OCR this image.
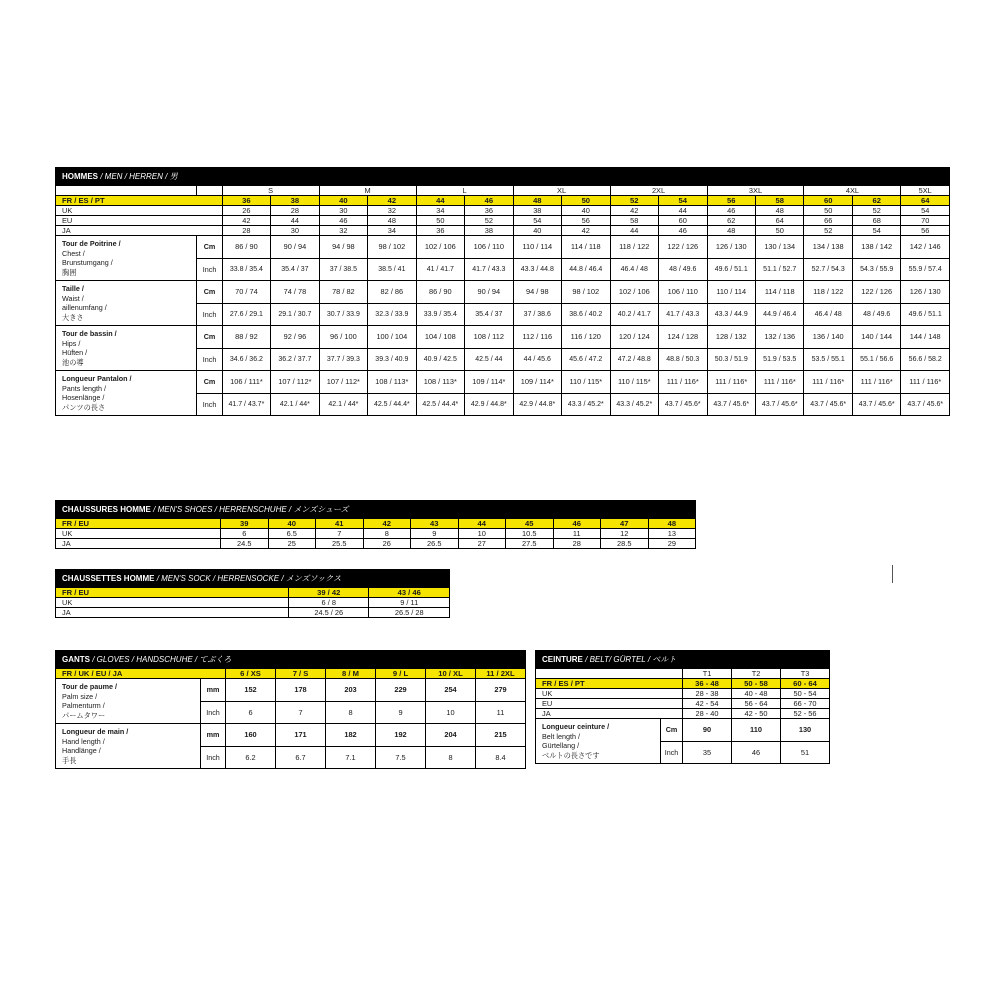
HOMMES / MEN / HERREN / 男																
		S		M		L		XL		2XL		3XL		4XL		5XL
FR / ES / PT		36	38	40	42	44	46	48	50	52	54	56	58	60	62	64
UK		26	28	30	32	34	36	38	40	42	44	46	48	50	52	54
EU		42	44	46	48	50	52	54	56	58	60	62	64	66	68	70
JA		28	30	32	34	36	38	40	42	44	46	48	50	52	54	56
Tour de Poitrine /
Chest /
Brunstumgang /
胸囲	Cm	86 / 90	90 / 94	94 / 98	98 / 102	102 / 106	106 / 110	110 / 114	114 / 118	118 / 122	122 / 126	126 / 130	130 / 134	134 / 138	138 / 142	142 / 146
	Inch	33.8 / 35.4	35.4 / 37	37 / 38.5	38.5 / 41	41 / 41.7	41.7 / 43.3	43.3 / 44.8	44.8 / 46.4	46.4 / 48	48 / 49.6	49.6 / 51.1	51.1 / 52.7	52.7 / 54.3	54.3 / 55.9	55.9 / 57.4
Taille /
Waist /
aillenumfang /
大きさ	Cm	70 / 74	74 / 78	78 / 82	82 / 86	86 / 90	90 / 94	94 / 98	98 / 102	102 / 106	106 / 110	110 / 114	114 / 118	118 / 122	122 / 126	126 / 130
	Inch	27.6 / 29.1	29.1 / 30.7	30.7 / 33.9	32.3 / 33.9	33.9 / 35.4	35.4 / 37	37 / 38.6	38.6 / 40.2	40.2 / 41.7	41.7 / 43.3	43.3 / 44.9	44.9 / 46.4	46.4 / 48	48 / 49.6	49.6 / 51.1
Tour de bassin /
Hips /
Hüften /
池の導	Cm	88 / 92	92 / 96	96 / 100	100 / 104	104 / 108	108 / 112	112 / 116	116 / 120	120 / 124	124 / 128	128 / 132	132 / 136	136 / 140	140 / 144	144 / 148
	Inch	34.6 / 36.2	36.2 / 37.7	37.7 / 39.3	39.3 / 40.9	40.9 / 42.5	42.5 / 44	44 / 45.6	45.6 / 47.2	47.2 / 48.8	48.8 / 50.3	50.3 / 51.9	51.9 / 53.5	53.5 / 55.1	55.1 / 56.6	56.6 / 58.2
Longueur Pantalon /
Pants length /
Hosenlänge /
パンツの長さ	Cm	106 / 111*	107 / 112*	107 / 112*	108 / 113*	108 / 113*	109 / 114*	109 / 114*	110 / 115*	110 / 115*	111 / 116*	111 / 116*	111 / 116*	111 / 116*	111 / 116*	111 / 116*
	Inch	41.7 / 43.7*	42.1 / 44*	42.1 / 44*	42.5 / 44.4*	42.5 / 44.4*	42.9 / 44.8*	42.9 / 44.8*	43.3 / 45.2*	43.3 / 45.2*	43.7 / 45.6*	43.7 / 45.6*	43.7 / 45.6*	43.7 / 45.6*	43.7 / 45.6*	43.7 / 45.6*
CHAUSSURES HOMME / MEN'S SHOES / HERRENSCHUHE / メンズシューズ										
FR / EU	39	40	41	42	43	44	45	46	47	48
UK	6	6.5	7	8	9	10	10.5	11	12	13
JA	24.5	25	25.5	26	26.5	27	27.5	28	28.5	29
CHAUSSETTES HOMME / MEN'S SOCK / HERRENSOCKE / メンズソックス		
FR / EU	39 / 42	43 / 46
UK	6 / 8	9 / 11
JA	24.5 / 26	26.5 / 28
GANTS / GLOVES / HANDSCHUHE / てぶくろ							
FR / UK / EU / JA		6 / XS	7 / S	8 / M	9 / L	10 / XL	11 / 2XL
Tour de paume /
Palm size /
Palmenturm /
パームタワー	mm	152	178	203	229	254	279
	Inch	6	7	8	9	10	11
Longueur de main /
Hand length /
Handlänge /
手長	mm	160	171	182	192	204	215
	Inch	6.2	6.7	7.1	7.5	8	8.4
CEINTURE / BELT/ GÜRTEL / ベルト				
		T1	T2	T3
FR / ES / PT		36 - 48	50 - 58	60 - 64
UK		28 - 38	40 - 48	50 - 54
EU		42 - 54	56 - 64	66 - 70
JA		28 - 40	42 - 50	52 - 56
Longueur ceinture /
Belt length /
Gürtellang /
ベルトの長さです	Cm	90	110	130
	Inch	35	46	51
